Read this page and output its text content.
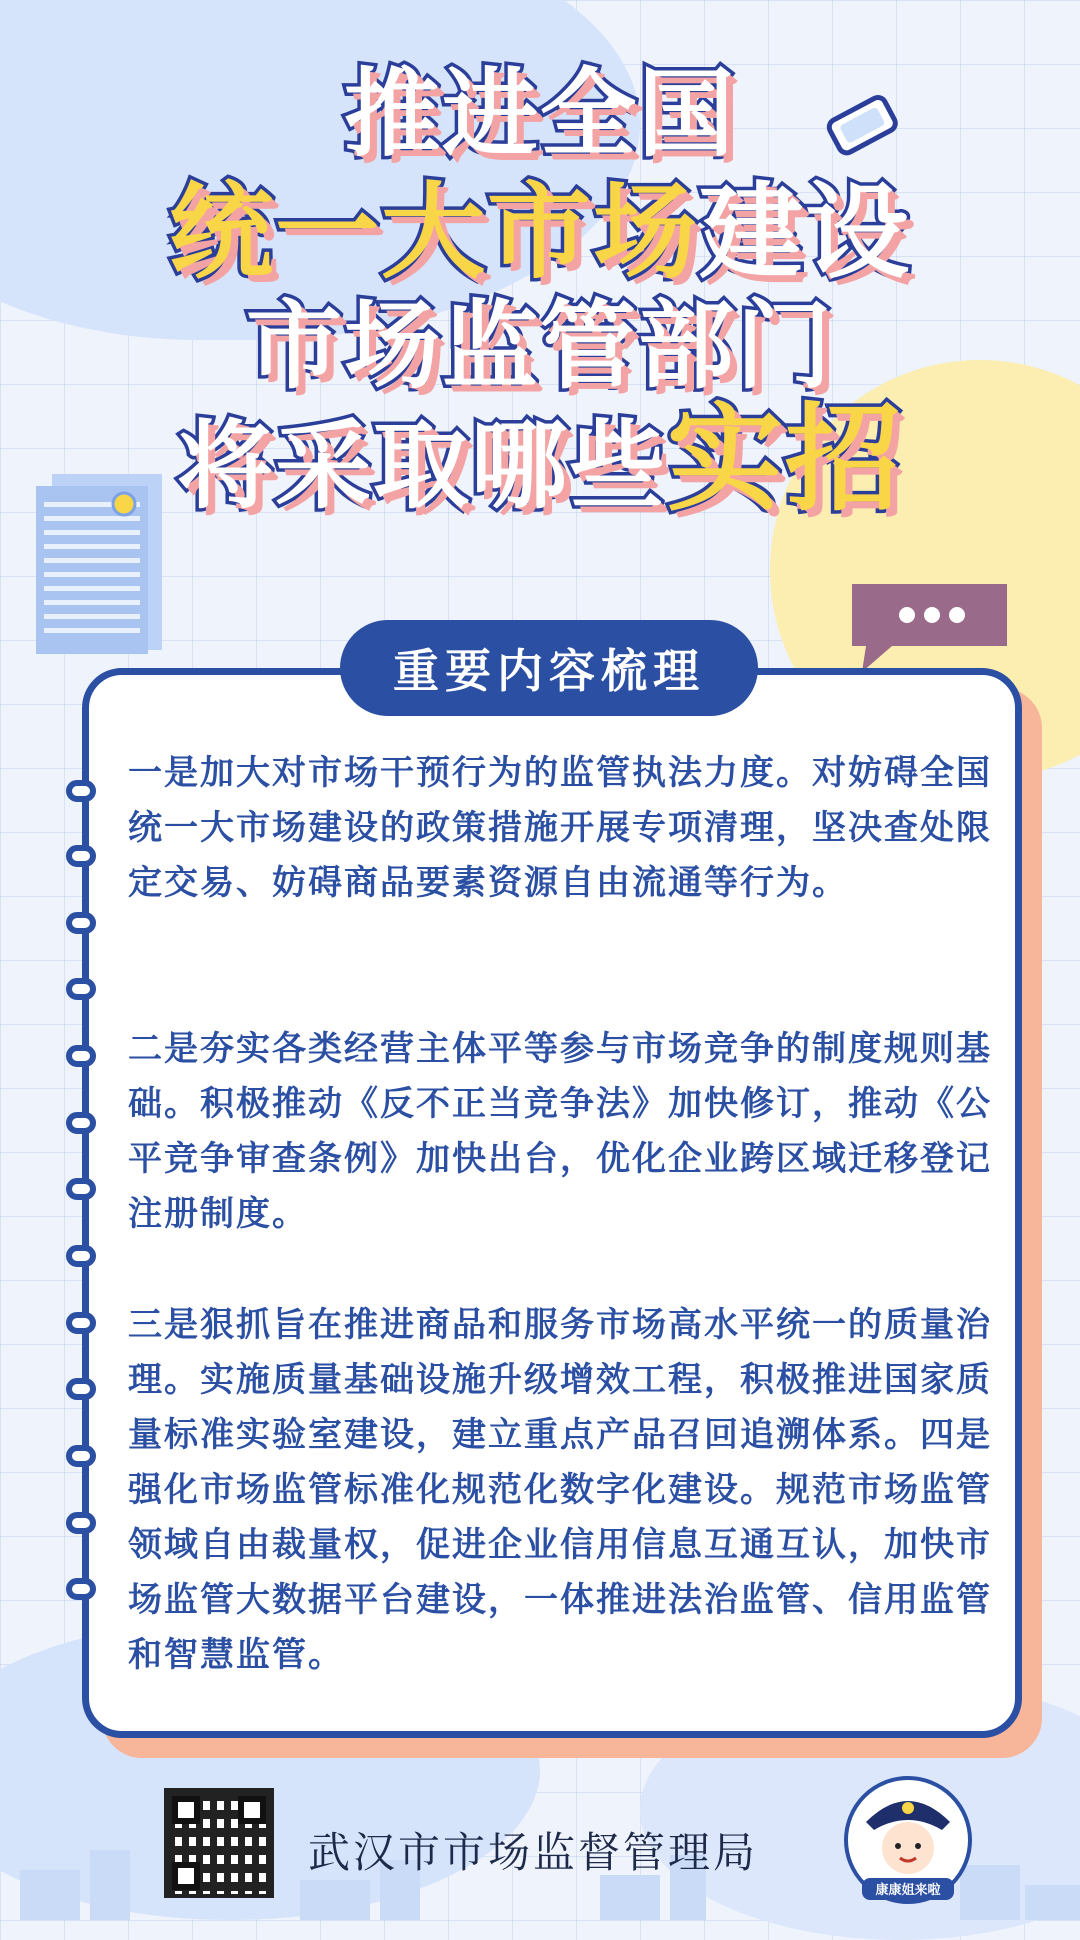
推进全国
统一大市场建设
市场监管部门
将采取哪些实招
重要内容梳理

一是加大对市场干预行为的监管执法力度。对妨碍全国统一大市场建设的政策措施开展专项清理，坚决查处限定交易、妨碍商品要素资源自由流通等行为。

二是夯实各类经营主体平等参与市场竞争的制度规则基础。积极推动《反不正当竞争法》加快修订，推动《公平竞争审查条例》加快出台，优化企业跨区域迁移登记注册制度。

三是狠抓旨在推进商品和服务市场高水平统一的质量治理。实施质量基础设施升级增效工程，积极推进国家质量标准实验室建设，建立重点产品召回追溯体系。四是强化市场监管标准化规范化数字化建设。规范市场监管领域自由裁量权，促进企业信用信息互通互认，加快市场监管大数据平台建设，一体推进法治监管、信用监管和智慧监管。

武汉市市场监督管理局
康康姐来啦
